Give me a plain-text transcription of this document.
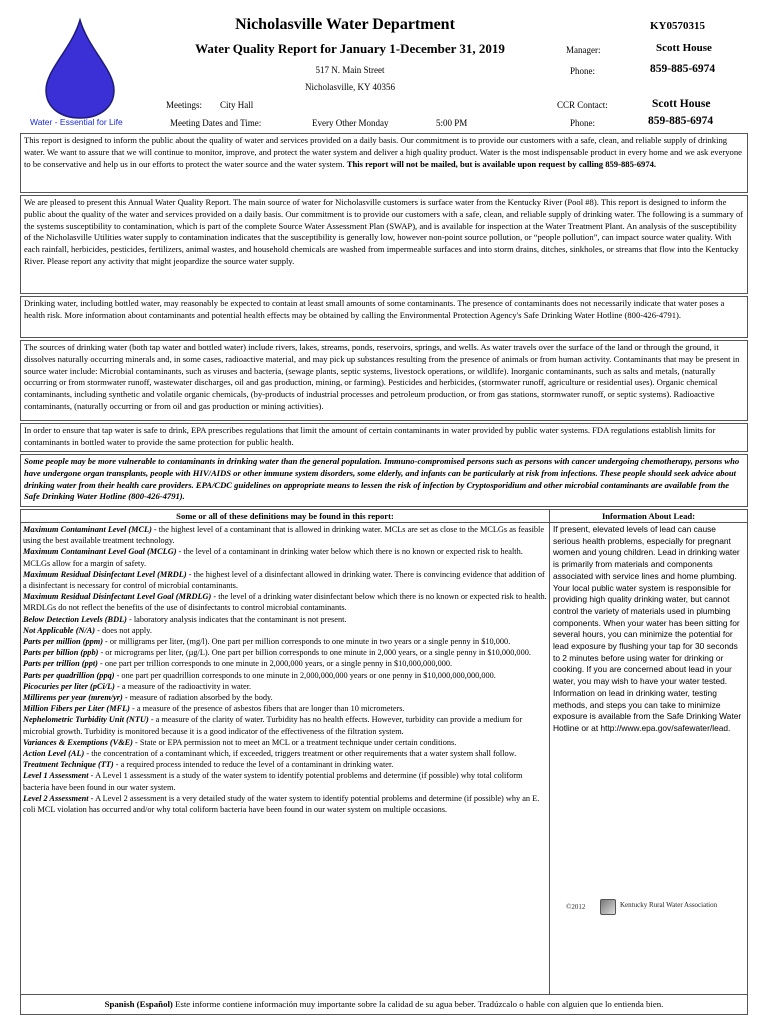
Water - Essential for Life
Nicholasville Water Department
Water Quality Report for January 1-December 31, 2019
517 N. Main Street
Nicholasville, KY 40356
Meetings: City Hall
Meeting Dates and Time:	Every Other Monday	5:00 PM
KY0570315
Manager:	Scott House
Phone:	859-885-6974
CCR Contact:	Scott House
Phone:	859-885-6974
This report is designed to inform the public about the quality of water and services provided on a daily basis. Our commitment is to provide our customers with a safe, clean, and reliable supply of drinking water. We want to assure that we will continue to monitor, improve, and protect the water system and deliver a high quality product. Water is the most indispensable product in every home and we ask everyone to be conservative and help us in our efforts to protect the water source and the water system. This report will not be mailed, but is available upon request by calling 859-885-6974.
We are pleased to present this Annual Water Quality Report. The main source of water for Nicholasville customers is surface water from the Kentucky River (Pool #8). This report is designed to inform the public about the quality of the water and services provided on a daily basis. Our commitment is to provide our customers with a safe, clean, and reliable supply of drinking water. The following is a summary of the systems susceptibility to contamination, which is part of the complete Source Water Assessment Plan (SWAP), and is available for inspection at the Water Treatment Plant. An analysis of the susceptibility of the Nicholasville Utilities water supply to contamination indicates that the susceptibility is generally low, however non-point source pollution, or “people pollution”, can impact source water quality. With each rainfall, herbicides, pesticides, fertilizers, animal wastes, and household chemicals are washed from impermeable surfaces and into storm drains, ditches, sinkholes, or streams that flow into the Kentucky River. Please report any activity that might jeopardize the source water supply.
Drinking water, including bottled water, may reasonably be expected to contain at least small amounts of some contaminants. The presence of contaminants does not necessarily indicate that water poses a health risk. More information about contaminants and potential health effects may be obtained by calling the Environmental Protection Agency's Safe Drinking Water Hotline (800-426-4791).
The sources of drinking water (both tap water and bottled water) include rivers, lakes, streams, ponds, reservoirs, springs, and wells. As water travels over the surface of the land or through the ground, it dissolves naturally occurring minerals and, in some cases, radioactive material, and may pick up substances resulting from the presence of animals or from human activity. Contaminants that may be present in source water include: Microbial contaminants, such as viruses and bacteria, (sewage plants, septic systems, livestock operations, or wildlife). Inorganic contaminants, such as salts and metals, (naturally occurring or from stormwater runoff, wastewater discharges, oil and gas production, mining, or farming). Pesticides and herbicides, (stormwater runoff, agriculture or residential uses). Organic chemical contaminants, including synthetic and volatile organic chemicals, (by-products of industrial processes and petroleum production, or from gas stations, stormwater runoff, or septic systems). Radioactive contaminants, (naturally occurring or from oil and gas production or mining activities).
In order to ensure that tap water is safe to drink, EPA prescribes regulations that limit the amount of certain contaminants in water provided by public water systems. FDA regulations establish limits for contaminants in bottled water to provide the same protection for public health.
Some people may be more vulnerable to contaminants in drinking water than the general population. Immuno-compromised persons such as persons with cancer undergoing chemotherapy, persons who have undergone organ transplants, people with HIV/AIDS or other immune system disorders, some elderly, and infants can be particularly at risk from infections. These people should seek advice about drinking water from their health care providers. EPA/CDC guidelines on appropriate means to lessen the risk of infection by Cryptosporidium and other microbial contaminants are available from the Safe Drinking Water Hotline (800-426-4791).
Some or all of these definitions may be found in this report:	Information About Lead:

Maximum Contaminant Level (MCL) - the highest level of a contaminant that is allowed in drinking water. MCLs are set as close to the MCLGs as feasible using the best available treatment technology.

Maximum Contaminant Level Goal (MCLG) - the level of a contaminant in drinking water below which there is no known or expected risk to health. MCLGs allow for a margin of safety.

Maximum Residual Disinfectant Level (MRDL) - the highest level of a disinfectant allowed in drinking water. There is convincing evidence that addition of a disinfectant is necessary for control of microbial contaminants.

Maximum Residual Disinfectant Level Goal (MRDLG) - the level of a drinking water disinfectant below which there is no known or expected risk to health. MRDLGs do not reflect the benefits of the use of disinfectants to control microbial contaminants.

Below Detection Levels (BDL) - laboratory analysis indicates that the contaminant is not present.

Not Applicable (N/A) - does not apply.

Parts per million (ppm) - or milligrams per liter, (mg/l). One part per million corresponds to one minute in two years or a single penny in $10,000.

Parts per billion (ppb) - or micrograms per liter, (µg/L). One part per billion corresponds to one minute in 2,000 years, or a single penny in $10,000,000.

Parts per trillion (ppt) - one part per trillion corresponds to one minute in 2,000,000 years, or a single penny in $10,000,000,000.

Parts per quadrillion (ppq) - one part per quadrillion corresponds to one minute in 2,000,000,000 years or one penny in $10,000,000,000,000.

Picocuries per liter (pCi/L) - a measure of the radioactivity in water.

Millirems per year (mrem/yr) - measure of radiation absorbed by the body.

Million Fibers per Liter (MFL) - a measure of the presence of asbestos fibers that are longer than 10 micrometers.

Nephelometric Turbidity Unit (NTU) - a measure of the clarity of water. Turbidity has no health effects. However, turbidity can provide a medium for microbial growth. Turbidity is monitored because it is a good indicator of the effectiveness of the filtration system.

Variances & Exemptions (V&E) - State or EPA permission not to meet an MCL or a treatment technique under certain conditions.

Action Level (AL) - the concentration of a contaminant which, if exceeded, triggers treatment or other requirements that a water system shall follow.

Treatment Technique (TT) - a required process intended to reduce the level of a contaminant in drinking water.

Level 1 Assessment - A Level 1 assessment is a study of the water system to identify potential problems and determine (if possible) why total coliform bacteria have been found in our water system.

Level 2 Assessment - A Level 2 assessment is a very detailed study of the water system to identify potential problems and determine (if possible) why an E. coli MCL violation has occurred and/or why total coliform bacteria have been found in our water system on multiple occasions.

If present, elevated levels of lead can cause serious health problems, especially for pregnant women and young children. Lead in drinking water is primarily from materials and components associated with service lines and home plumbing. Your local public water system is responsible for providing high quality drinking water, but cannot control the variety of materials used in plumbing components. When your water has been sitting for several hours, you can minimize the potential for lead exposure by flushing your tap for 30 seconds to 2 minutes before using water for drinking or cooking. If you are concerned about lead in your water, you may wish to have your water tested. Information on lead in drinking water, testing methods, and steps you can take to minimize exposure is available from the Safe Drinking Water Hotline or at http://www.epa.gov/safewater/lead.
©2012	Kentucky Rural Water Association
Spanish (Español) Este informe contiene información muy importante sobre la calidad de su agua beber. Tradúzcalo o hable con alguien que lo entienda bien.
